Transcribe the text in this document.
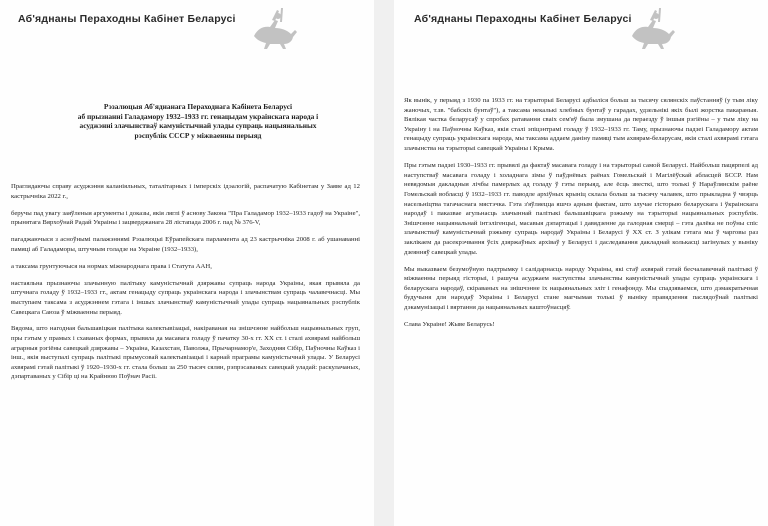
Аб'яднаны Пераходны Кабінет Беларусі
Рэзалюцыя Аб'яднанага Пераходнага Кабінета Беларусі
аб прызнанні Галадамору 1932–1933 гг. генацыдам украінскага народа і
асуджэнні злачынстваў камуністычнай улады супраць нацыянальных
рэспублік СССР у міжваенны перыяд

Праглядаючы справу асуджэння каланіяльных, таталітарных і імперскіх ідэалогій, распачатую Кабінетам у Заяве ад 12 кастрычніка 2022 г.,

беручы пад увагу заяўленыя аргументы і доказы, якія ляглі ў аснову Закона "Пра Галадамор 1932–1933 гадоў на Украіне", прынятага Вярхоўнай Радай Украіны і зацверджанага 28 лістапада 2006 г. пад № 376-V,

пагаджаючыся з асноўнымі палажэннямі Рэзалюцыі Еўрапейскага парламента ад 23 кастрычніка 2008 г. аб ушанаванні памяці аб Галадаморы, штучным голадзе на Украіне (1932–1933),

а таксама грунтуючыся на нормах міжнароднага права і Статута ААН,

настаяльна прызнаючы злачынную палітыку камуністычнай дзяржавы супраць народа Украіны, якая прывяла да штучнага голаду ў 1932–1933 гг., актам генацыду супраць украінскага народа і злачынствам супраць чалавечнасці. Мы выступаем таксама з асуджэннем гэтага і іншых злачынстваў камуністычнай улады супраць нацыянальных рэспублік Савецкага Саюза ў міжваенны перыяд.

Вядома, што нагодная бальшавіцкая палітыка калектывізацыі, накіраваная на знішчэнне найбольш нацыянальных груп, пры гэтым у прамых і схаваных формах, прывяла да масавага голаду ў пачатку 30-х гг. XX ст. і сталі ахвярамі найбольш аграрныя рэгіёны савецкай дзяржавы – Украіна, Казахстан, Паволжа, Прычарнамор'е, Заходняя Сібір, Паўночны Каўказ і інш., якія выступалі супраць палітыкі прымусовай калектывізацыі і карнай праграмы камуністычнай улады. У Беларусі ахвярамі гэтай палітыкі ў 1920–1930-х гг. стала больш за 250 тысяч сялян, рэпрэсаваных савецкай уладай: раскулачаных, дэпартаваных у Сібір ці на Крайнюю Поўнач Расіі.

Аб'яднаны Пераходны Кабінет Беларусі

Як вынік, у перыяд з 1930 па 1933 гг. на тэрыторыі Беларусі адбыліся больш за тысячу сялянскіх паўстанняў (у тым ліку жаночых, т.зв. "бабскіх бунтаў"), а таксама некалькі хлебных бунтаў у гарадах, удзельнікі якіх былі жорстка пакараныя. Вялікая частка беларусаў у спробах ратавання сваіх сем'яў была змушана да пераезду ў іншыя рэгіёны – у тым ліку на Украіну і на Паўночны Каўказ, якія сталі эпіцэнтрамі голаду ў 1932–1933 гг. Таму, прызнаючы падзеі Галадамору актам генацыду супраць украінскага народа, мы таксама аддаем даніну памяці тым ахвярам-беларусам, якія сталі ахвярамі гэтага злачынства на тэрыторыі савецкай Украіны і Крыма.

Пры гэтым падзеі 1930–1933 гг. прывялі да фактаў масавага голаду і на тэрыторыі самой Беларусі. Найбольш пацярпелі ад наступстваў масавага голаду і холаднага зімы ў паўднёвых раёнах Гомельскай і Магілёўскай абласцей БССР. Нам невядомыя дакладныя лічбы памерлых ад голаду ў гэты перыяд, але ёсць звесткі, што толькі ў Нараўлянскім раёне Гомельскай вобласці ў 1932–1933 гг. паводле архіўных крыніц склала больш за тысячу чалавек, што прыкладна ў чвэрць насельніцтва тагачаснага мястэчка. Гэта з'яўляецца яшчэ адным фактам, што злучае гісторыю беларускага і ўкраінскага народаў і паказвае агульнасць злачыннай палітыкі бальшавіцкага рэжыму на тэрыторыі нацыянальных рэспублік. Знішчэнне нацыянальнай інтэлігенцыі, масавыя дэпартацыі і давядзенне да галодная смерці – гэта далёка не поўны спіс злачынстваў камуністычнай рэжыму супраць народаў Украіны і Беларусі ў XX ст. З улікам гэтага мы ў чарговы раз заклікаем да расекрэчвання ўсіх дзяржаўных архіваў у Беларусі і даследавання дакладнай колькасці загінулых у выніку дзеянняў савецкай улады.

Мы выказваем безумоўную падтрымку і салідарнасць народу Украіны, які стаў ахвярай гэтай бесчалавечнай палітыкі ў міжваенны перыяд гісторыі, і рашуча асуджаем наступствы злачынствы камуністычнай улады супраць украінскага і беларускага народаў, скіраваных на знішчэнне іх нацыянальных эліт і генафонду. Мы спадзяваемся, што дэмакратычная будучыня для народаў Украіны і Беларусі стане магчымая толькі ў выніку правядзення паслядоўнай палітыкі дэкамунізацыі і вяртання да нацыянальных каштоўнасцяў.

Слава Украіне! Жыве Беларусь!
